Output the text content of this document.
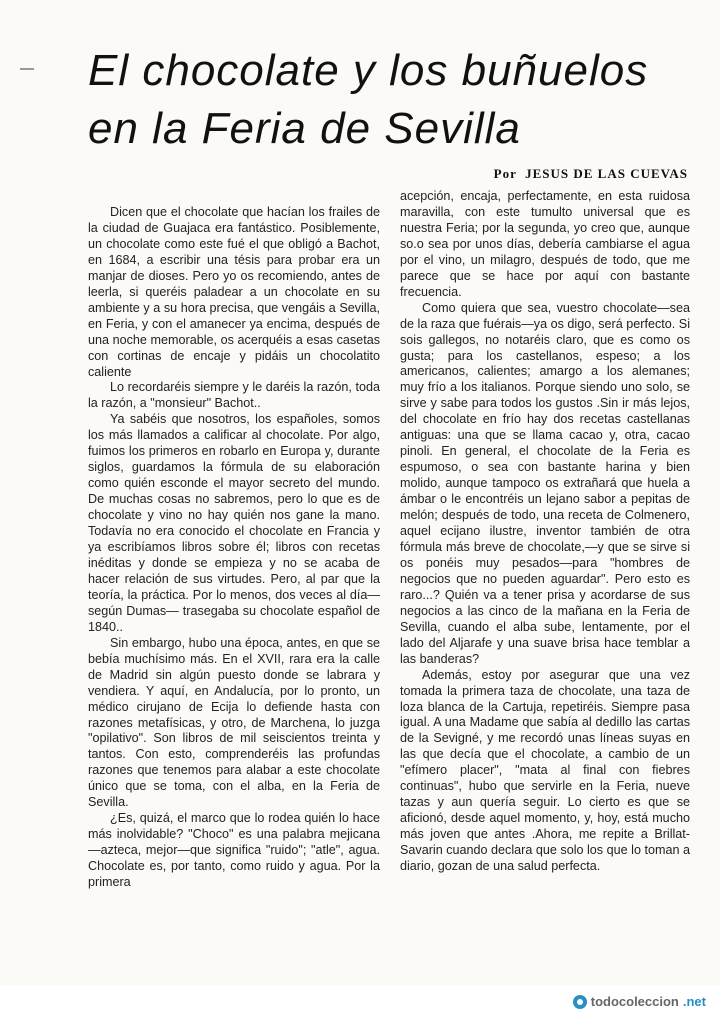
El chocolate y los buñuelos
en la Feria de Sevilla
Por JESUS DE LAS CUEVAS

Dicen que el chocolate que hacían los frailes de la ciudad de Guajaca era fantástico. Posiblemente, un chocolate como este fué el que obligó a Bachot, en 1684, a escribir una tésis para probar era un manjar de dioses. Pero yo os recomiendo, antes de leerla, si queréis paladear a un chocolate en su ambiente y a su hora precisa, que vengáis a Sevilla, en Feria, y con el amanecer ya encima, después de una noche memorable, os acerquéis a esas casetas con cortinas de encaje y pidáis un chocolatito caliente

Lo recordaréis siempre y le daréis la razón, toda la razón, a "monsieur" Bachot..

Ya sabéis que nosotros, los españoles, somos los más llamados a calificar al chocolate. Por algo, fuimos los primeros en robarlo en Europa y, durante siglos, guardamos la fórmula de su elaboración como quién esconde el mayor secreto del mundo. De muchas cosas no sabremos, pero lo que es de chocolate y vino no hay quién nos gane la mano. Todavía no era conocido el chocolate en Francia y ya escribíamos libros sobre él; libros con recetas inéditas y donde se empieza y no se acaba de hacer relación de sus virtudes. Pero, al par que la teoría, la práctica. Por lo menos, dos veces al día—según Dumas— trasegaba su chocolate español de 1840..

Sin embargo, hubo una época, antes, en que se bebía muchísimo más. En el XVII, rara era la calle de Madrid sin algún puesto donde se labrara y vendiera. Y aquí, en Andalucía, por lo pronto, un médico cirujano de Ecija lo defiende hasta con razones metafísicas, y otro, de Marchena, lo juzga "opilativo". Son libros de mil seiscientos treinta y tantos. Con esto, comprenderéis las profundas razones que tenemos para alabar a este chocolate único que se toma, con el alba, en la Feria de Sevilla.

¿Es, quizá, el marco que lo rodea quién lo hace más inolvidable? "Choco" es una palabra mejicana —azteca, mejor—que significa "ruido"; "atle", agua. Chocolate es, por tanto, como ruido y agua. Por la primera

acepción, encaja, perfectamente, en esta ruidosa maravilla, con este tumulto universal que es nuestra Feria; por la segunda, yo creo que, aunque so.o sea por unos días, debería cambiarse el agua por el vino, un milagro, después de todo, que me parece que se hace por aquí con bastante frecuencia.

Como quiera que sea, vuestro chocolate—sea de la raza que fuérais—ya os digo, será perfecto. Si sois gallegos, no notaréis claro, que es como os gusta; para los castellanos, espeso; a los americanos, calientes; amargo a los alemanes; muy frío a los italianos. Porque siendo uno solo, se sirve y sabe para todos los gustos .Sin ir más lejos, del chocolate en frío hay dos recetas castellanas antiguas: una que se llama cacao y, otra, cacao pinoli. En general, el chocolate de la Feria es espumoso, o sea con bastante harina y bien molido, aunque tampoco os extrañará que huela a ámbar o le encontréis un lejano sabor a pepitas de melón; después de todo, una receta de Colmenero, aquel ecijano ilustre, inventor también de otra fórmula más breve de chocolate,—y que se sirve si os ponéis muy pesados—para "hombres de negocios que no pueden aguardar". Pero esto es raro...? Quién va a tener prisa y acordarse de sus negocios a las cinco de la mañana en la Feria de Sevilla, cuando el alba sube, lentamente, por el lado del Aljarafe y una suave brisa hace temblar a las banderas?

Además, estoy por asegurar que una vez tomada la primera taza de chocolate, una taza de loza blanca de la Cartuja, repetiréis. Siempre pasa igual. A una Madame que sabía al dedillo las cartas de la Sevigné, y me recordó unas líneas suyas en las que decía que el chocolate, a cambio de un "efímero placer", "mata al final con fiebres continuas", hubo que servirle en la Feria, nueve tazas y aun quería seguir. Lo cierto es que se aficionó, desde aquel momento, y, hoy, está mucho más joven que antes .Ahora, me repite a Brillat-Savarin cuando declara que solo los que lo toman a diario, gozan de una salud perfecta.

todocoleccion .net
